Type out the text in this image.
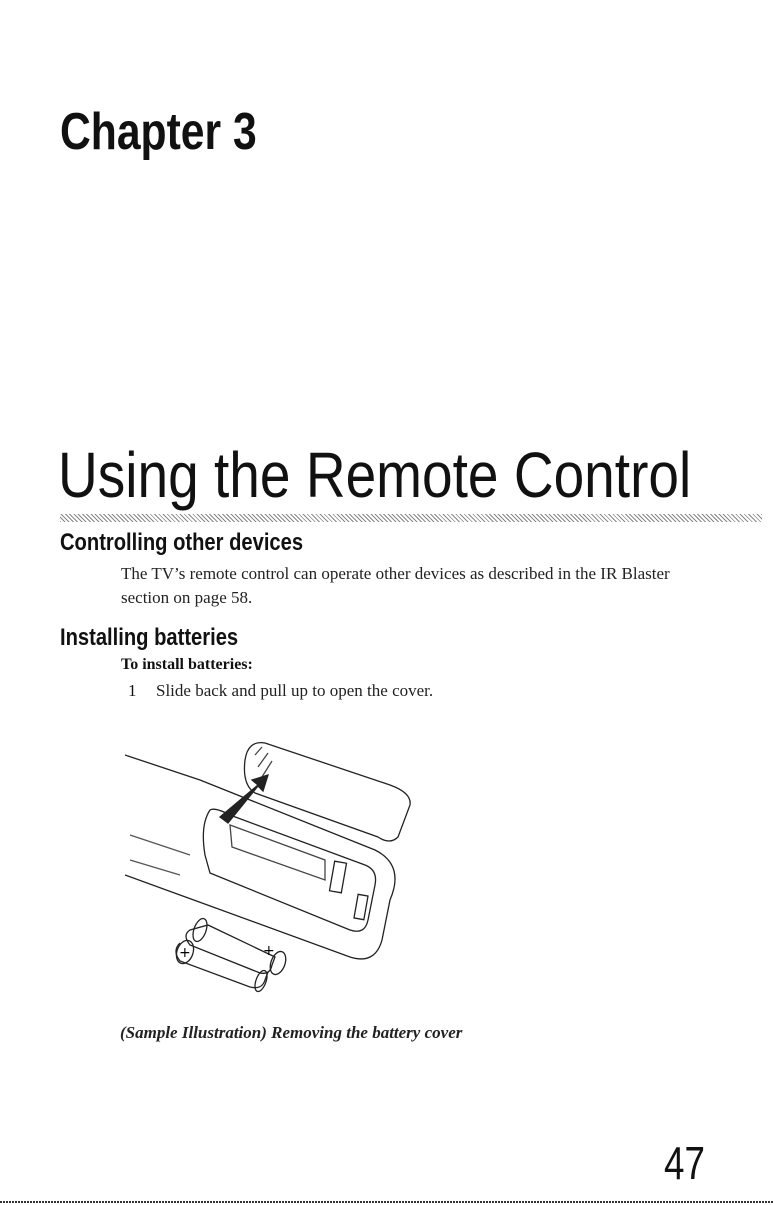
Chapter 3
Using the Remote Control
Controlling other devices

The TV’s remote control can operate other devices as described in the IR Blaster section on page 58.

Installing batteries

To install batteries:

1 Slide back and pull up to open the cover.
+	+

(Sample Illustration) Removing the battery cover

47
